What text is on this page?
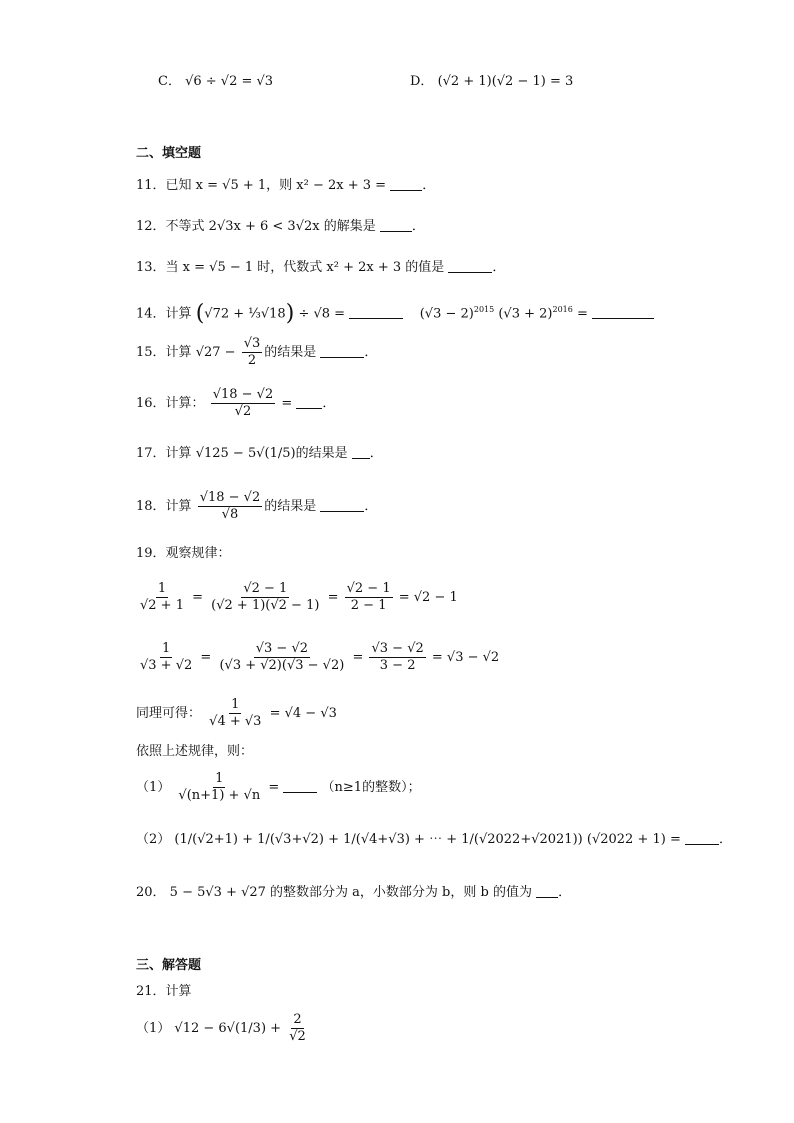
C． √6 ÷ √2 = √3	D． (√2 + 1)(√2 − 1) = 3
二、填空题
11．已知 x = √5 + 1，则 x² − 2x + 3 =	．
12．不等式 2√3x + 6 < 3√2x 的解集是	．
13．当 x = √5 − 1 时，代数式 x² + 2x + 3 的值是	．
14．计算 (√72 + ⅓√18) ÷ √8 =	$(√3 - 2)^{2015}$ $(√3 + 2)^{2016}$ =
15．计算 $√27 - \frac{√3}{2}$ 的结果是	．
16．计算： $\frac{√18 - √2}{√2}$ = ．
17．计算 √125 − 5√(1/5)的结果是 ．
18．计算 $\frac{√18 - √2}{√8}$ 的结果是	．
19．观察规律：
$\frac{1}{√2 + 1} = \frac{√2 - 1}{(√2 + 1)(√2 - 1)} = \frac{√2 - 1}{2 - 1} = √2 - 1$
$\frac{1}{√3 + √2} = \frac{√3 - √2}{(√3 + √2)(√3 - √2)} = \frac{√3 - √2}{3 - 2} = √3 - √2$
同理可得： $\frac{1}{√4 + √3} = √4 - √3$
依照上述规律，则：
$(1) \frac{1}{√(n+1) + √n}$ =	（n≥1的整数）；
（2） (1/(√2+1) + 1/(√3+√2) + 1/(√4+√3) + ⋯ + 1/(√2022+√2021)) (√2022 + 1) =	．
20． 5 − 5√3 + √27 的整数部分为 a，小数部分为 b，则 b 的值为 ．
三、解答题
21．计算
（1） $√12 - 6√(1/3) + \frac{2}{√2}$
